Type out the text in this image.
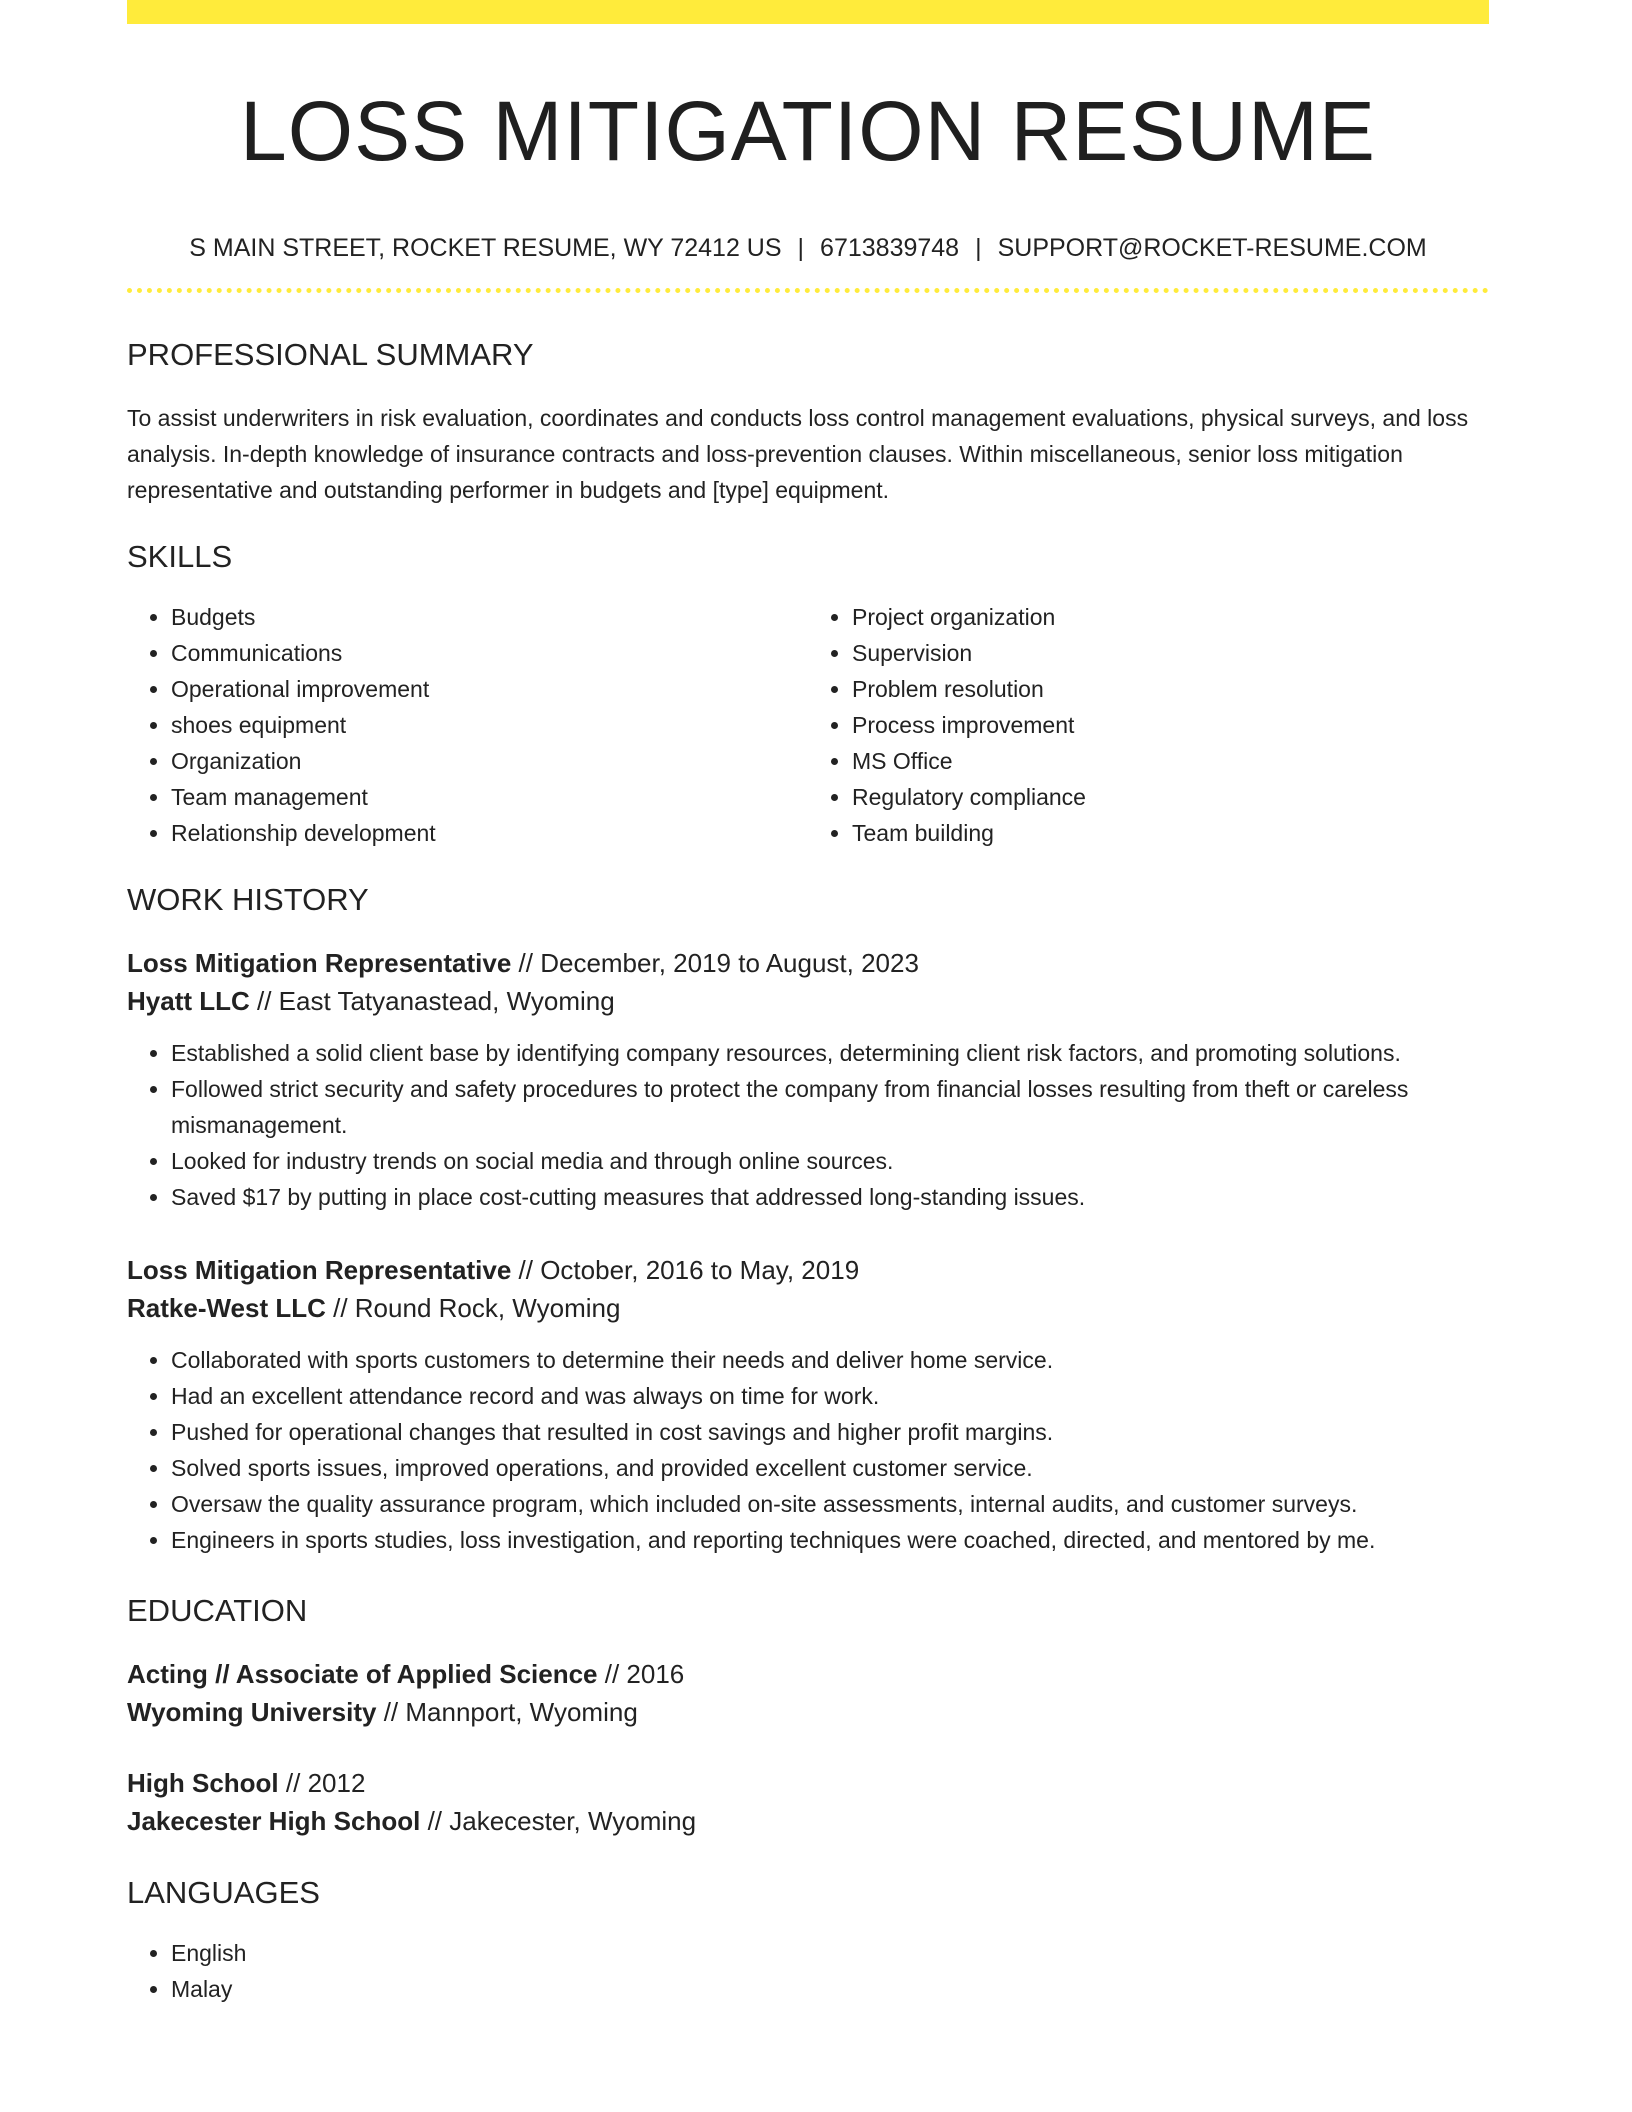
LOSS MITIGATION RESUME
S MAIN STREET, ROCKET RESUME, WY 72412 US | 6713839748 | SUPPORT@ROCKET-RESUME.COM
PROFESSIONAL SUMMARY

To assist underwriters in risk evaluation, coordinates and conducts loss control management evaluations, physical surveys, and loss analysis. In-depth knowledge of insurance contracts and loss-prevention clauses. Within miscellaneous, senior loss mitigation representative and outstanding performer in budgets and [type] equipment.

SKILLS
• Budgets
• Communications
• Operational improvement
• shoes equipment
• Organization
• Team management
• Relationship development
• Project organization
• Supervision
• Problem resolution
• Process improvement
• MS Office
• Regulatory compliance
• Team building
WORK HISTORY
Loss Mitigation Representative // December, 2019 to August, 2023
Hyatt LLC // East Tatyanastead, Wyoming
• Established a solid client base by identifying company resources, determining client risk factors, and promoting solutions.
• Followed strict security and safety procedures to protect the company from financial losses resulting from theft or careless mismanagement.
• Looked for industry trends on social media and through online sources.
• Saved $17 by putting in place cost-cutting measures that addressed long-standing issues.
Loss Mitigation Representative // October, 2016 to May, 2019
Ratke-West LLC // Round Rock, Wyoming
• Collaborated with sports customers to determine their needs and deliver home service.
• Had an excellent attendance record and was always on time for work.
• Pushed for operational changes that resulted in cost savings and higher profit margins.
• Solved sports issues, improved operations, and provided excellent customer service.
• Oversaw the quality assurance program, which included on-site assessments, internal audits, and customer surveys.
• Engineers in sports studies, loss investigation, and reporting techniques were coached, directed, and mentored by me.
EDUCATION
Acting // Associate of Applied Science // 2016
Wyoming University // Mannport, Wyoming
High School // 2012
Jakecester High School // Jakecester, Wyoming
LANGUAGES
• English
• Malay
